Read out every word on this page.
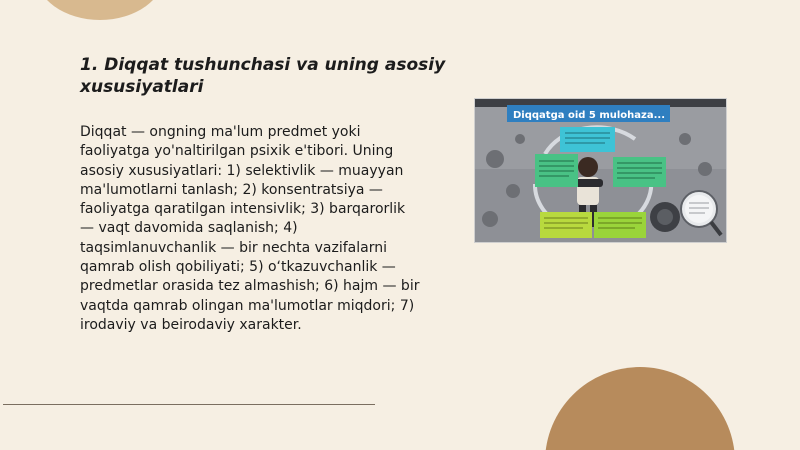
1. Diqqat tushunchasi va uning asosiy xususiyatlari
Diqqat — ongning ma'lum predmet yoki faoliyatga yo'naltirilgan psixik e'tibori. Uning asosiy xususiyatlari: 1) selektivlik — muayyan ma'lumotlarni tanlash; 2) konsentratsiya — faoliyatga qaratilgan intensivlik; 3) barqarorlik — vaqt davomida saqlanish; 4) taqsimlanuvchanlik — bir nechta vazifalarni qamrab olish qobiliyati; 5) o‘tkazuvchanlik — predmetlar orasida tez almashish; 6) hajm — bir vaqtda qamrab olingan ma'lumotlar miqdori; 7) irodaviy va beirodaviy xarakter.
Diqqatga oid 5 mulohaza...
